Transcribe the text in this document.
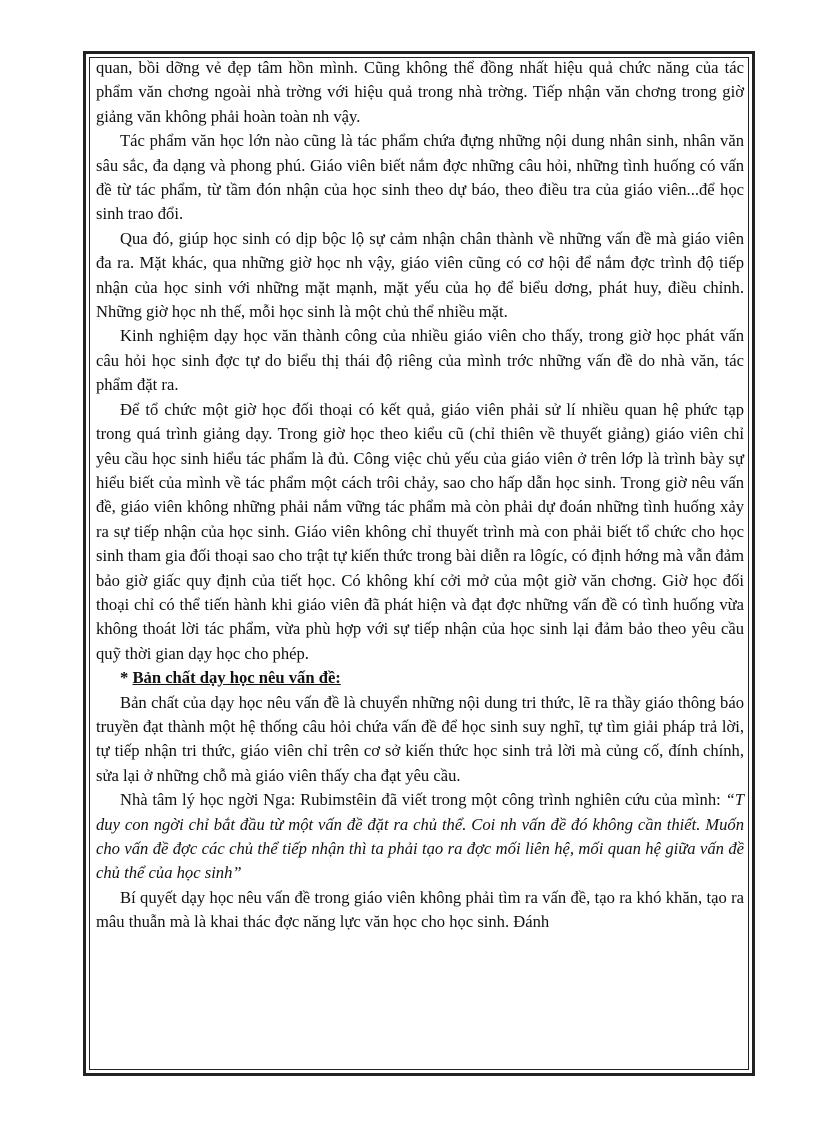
quan, bồi dỡng vẻ đẹp tâm hồn mình. Cũng không thể đồng nhất hiệu quả chức năng của tác phẩm văn chơng ngoài nhà trờng với hiệu quả trong nhà trờng. Tiếp nhận văn chơng trong giờ giảng văn không phải hoàn toàn nh vậy.

Tác phẩm văn học lớn nào cũng là tác phẩm chứa đựng những nội dung nhân sinh, nhân văn sâu sắc, đa dạng và phong phú. Giáo viên biết nắm đợc những câu hỏi, những tình huống có vấn đề từ tác phẩm, từ tầm đón nhận của học sinh theo dự báo, theo điều tra của giáo viên...để học sinh trao đổi.

Qua đó, giúp học sinh có dịp bộc lộ sự cảm nhận chân thành về những vấn đề mà giáo viên đa ra. Mặt khác, qua những giờ học nh vậy, giáo viên cũng có cơ hội để nắm đợc trình độ tiếp nhận của học sinh với những mặt mạnh, mặt yếu của họ để biểu dơng, phát huy, điều chỉnh. Những giờ học nh thế, mỗi học sinh là một chủ thể nhiều mặt.

Kinh nghiệm dạy học văn thành công của nhiều giáo viên cho thấy, trong giờ học phát vấn câu hỏi học sinh đợc tự do biểu thị thái độ riêng của mình trớc những vấn đề do nhà văn, tác phẩm đặt ra.

Để tổ chức một giờ học đối thoại có kết quả, giáo viên phải sử lí nhiều quan hệ phức tạp trong quá trình giảng dạy. Trong giờ học theo kiểu cũ (chỉ thiên về thuyết giảng) giáo viên chỉ yêu cầu học sinh hiểu tác phẩm là đủ. Công việc chủ yếu của giáo viên ở trên lớp là trình bày sự hiểu biết của mình về tác phẩm một cách trôi chảy, sao cho hấp dẫn học sinh. Trong giờ nêu vấn đề, giáo viên không những phải nắm vững tác phẩm mà còn phải dự đoán những tình huống xảy ra sự tiếp nhận của học sinh. Giáo viên không chỉ thuyết trình mà con phải biết tổ chức cho học sinh tham gia đối thoại sao cho trật tự kiến thức trong bài diễn ra lôgíc, có định hớng mà vẫn đảm bảo giờ giấc quy định của tiết học. Có không khí cởi mở của một giờ văn chơng. Giờ học đối thoại chỉ có thể tiến hành khi giáo viên đã phát hiện và đạt đợc những vấn đề có tình huống vừa không thoát lời tác phẩm, vừa phù hợp với sự tiếp nhận của học sinh lại đảm bảo theo yêu cầu quỹ thời gian dạy học cho phép.

* Bản chất dạy học nêu vấn đề:

Bản chất của dạy học nêu vấn đề là chuyển những nội dung tri thức, lẽ ra thầy giáo thông báo truyền đạt thành một hệ thống câu hỏi chứa vấn đề để học sinh suy nghĩ, tự tìm giải pháp trả lời, tự tiếp nhận tri thức, giáo viên chỉ trên cơ sở kiến thức học sinh trả lời mà củng cố, đính chính, sửa lại ở những chỗ mà giáo viên thấy cha đạt yêu cầu.

Nhà tâm lý học ngời Nga: Rubimstêin đã viết trong một công trình nghiên cứu của mình: “T duy con ngời chỉ bắt đầu từ một vấn đề đặt ra chủ thể. Coi nh vấn đề đó không cần thiết. Muốn cho vấn đề đợc các chủ thể tiếp nhận thì ta phải tạo ra đợc mối liên hệ, mối quan hệ giữa vấn đề chủ thể của học sinh”

Bí quyết dạy học nêu vấn đề trong giáo viên không phải tìm ra vấn đề, tạo ra khó khăn, tạo ra mâu thuẫn mà là khai thác đợc năng lực văn học cho học sinh. Đánh
